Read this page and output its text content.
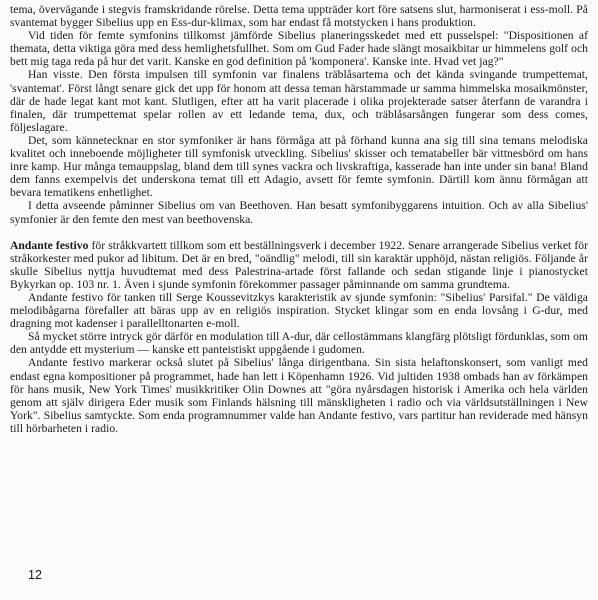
tema, övervägande i stegvis framskridande rörelse. Detta tema uppträder kort före satsens slut, harmoniserat i ess-moll. På svantemat bygger Sibelius upp en Ess-dur-klimax, som har endast få motstycken i hans produktion.

Vid tiden för femte symfonins tillkomst jämförde Sibelius planeringsskedet med ett pusselspel: "Dispositionen af themata, detta viktiga göra med dess hemlighetsfullhet. Som om Gud Fader hade slängt mosaikbitar ur himmelens golf och bett mig taga reda på hur det varit. Kanske en god definition på 'komponera'. Kanske inte. Hvad vet jag?"

Han visste. Den första impulsen till symfonin var finalens träblåsartema och det kända svingande trumpettemat, 'svantemat'. Först långt senare gick det upp för honom att dessa teman härstammade ur samma himmelska mosaikmönster, där de hade legat kant mot kant. Slutligen, efter att ha varit placerade i olika projekterade satser återfann de varandra i finalen, där trumpettemat spelar rollen av ett ledande tema, dux, och träblåsarsången fungerar som dess comes, följeslagare.

Det, som kännetecknar en stor symfoniker är hans förmåga att på förhand kunna ana sig till sina temans melodiska kvalitet och inneboende möjligheter till symfonisk utveckling. Sibelius' skisser och tematabeller bär vittnesbörd om hans inre kamp. Hur många temauppslag, bland dem till synes vackra och livskraftiga, kasserade han inte under sin bana! Bland dem fanns exempelvis det underskona temat till ett Adagio, avsett för femte symfonin. Därtill kom ännu förmågan att bevara tematikens enhetlighet.

I detta avseende påminner Sibelius om van Beethoven. Han besatt symfonibyggarens intuition. Och av alla Sibelius' symfonier är den femte den mest van beethovenska.

Andante festivo för stråkkvartett tillkom som ett beställningsverk i december 1922. Senare arrangerade Sibelius verket för stråkorkester med pukor ad libitum. Det är en bred, "oändlig" melodi, till sin karaktär upphöjd, nästan religiös. Följande år skulle Sibelius nyttja huvudtemat med dess Palestrina-artade först fallande och sedan stigande linje i pianostycket Bykyrkan op. 103 nr. 1. Även i sjunde symfonin förekommer passager påminnande om samma grundtema.

Andante festivo för tanken till Serge Koussevitzkys karakteristik av sjunde symfonin: "Sibelius' Parsifal." De väldiga melodibågarna förefaller att bäras upp av en religiös inspiration. Stycket klingar som en enda lovsång i G-dur, med dragning mot kadenser i parallelltonarten e-moll.

Så mycket större intryck gör därför en modulation till A-dur, där cellostämmans klangfärg plötsligt fördunklas, som om den antydde ett mysterium — kanske ett panteistiskt uppgående i gudomen.

Andante festivo markerar också slutet på Sibelius' långa dirigentbana. Sin sista helaftonskonsert, som vanligt med endast egna kompositioner på programmet, hade han lett i Köpenhamn 1926. Vid jultiden 1938 ombads han av förkämpen för hans musik, New York Times' musikkritiker Olin Downes att "göra nyårsdagen historisk i Amerika och hela världen genom att själv dirigera Eder musik som Finlands hälsning till mänskligheten i radio och via världsutställningen i New York". Sibelius samtyckte. Som enda programnummer valde han Andante festivo, vars partitur han reviderade med hänsyn till hörbarheten i radio.

12
